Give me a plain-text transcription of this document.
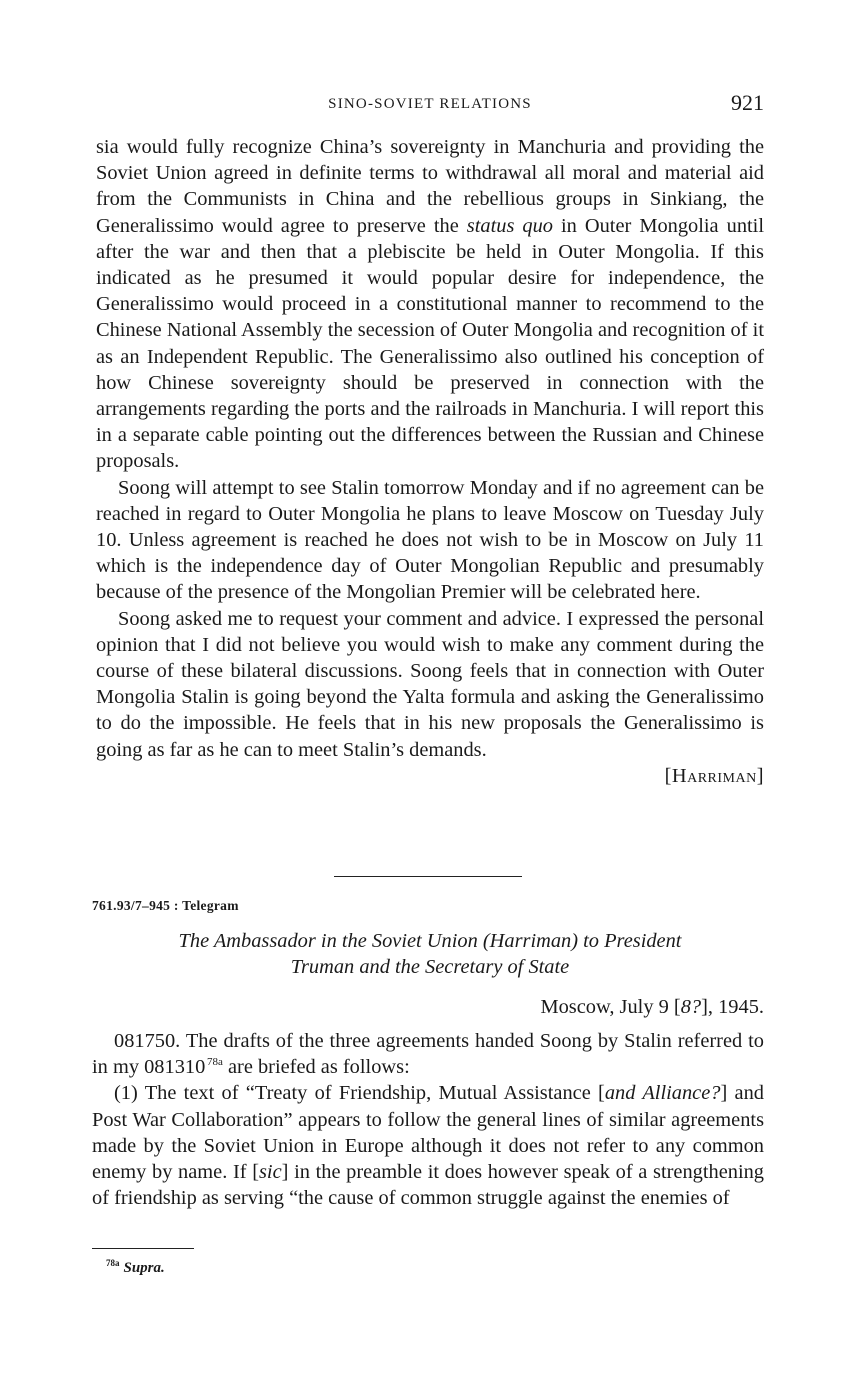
SINO-SOVIET RELATIONS	921

sia would fully recognize China’s sovereignty in Manchuria and providing the Soviet Union agreed in definite terms to withdrawal all moral and material aid from the Communists in China and the rebellious groups in Sinkiang, the Generalissimo would agree to preserve the status quo in Outer Mongolia until after the war and then that a plebiscite be held in Outer Mongolia. If this indicated as he presumed it would popular desire for independence, the Generalissimo would proceed in a constitutional manner to recommend to the Chinese National Assembly the secession of Outer Mongolia and recognition of it as an Independent Republic. The Generalissimo also outlined his conception of how Chinese sovereignty should be preserved in connection with the arrangements regarding the ports and the railroads in Manchuria. I will report this in a separate cable pointing out the differences between the Russian and Chinese proposals.

Soong will attempt to see Stalin tomorrow Monday and if no agreement can be reached in regard to Outer Mongolia he plans to leave Moscow on Tuesday July 10. Unless agreement is reached he does not wish to be in Moscow on July 11 which is the independence day of Outer Mongolian Republic and presumably because of the presence of the Mongolian Premier will be celebrated here.

Soong asked me to request your comment and advice. I expressed the personal opinion that I did not believe you would wish to make any comment during the course of these bilateral discussions. Soong feels that in connection with Outer Mongolia Stalin is going beyond the Yalta formula and asking the Generalissimo to do the impossible. He feels that in his new proposals the Generalissimo is going as far as he can to meet Stalin’s demands.

[Harriman]

761.93/7–945 : Telegram
The Ambassador in the Soviet Union (Harriman) to President
Truman and the Secretary of State
Moscow, July 9 [8?], 1945.

081750. The drafts of the three agreements handed Soong by Stalin referred to in my 081310  $^{78a}$ are briefed as follows:

(1) The text of “Treaty of Friendship, Mutual Assistance [and Alliance?] and Post War Collaboration” appears to follow the general lines of similar agreements made by the Soviet Union in Europe although it does not refer to any common enemy by name. If [sic] in the preamble it does however speak of a strengthening of friendship as serving “the cause of common struggle against the enemies of

$^{78a}$ Supra.
